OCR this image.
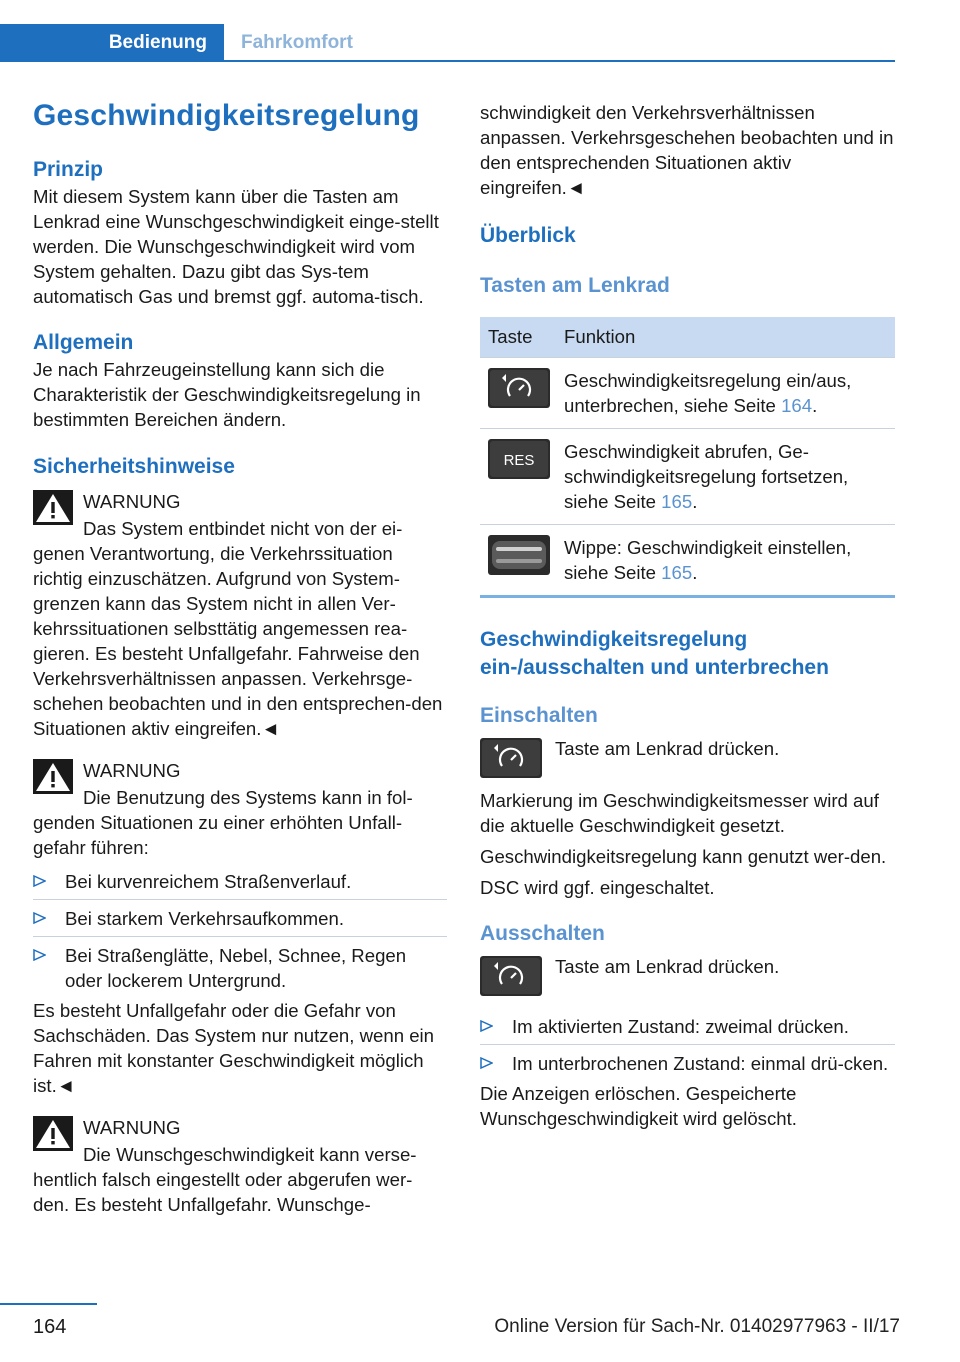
Bedienung	Fahrkomfort
Geschwindigkeitsregelung
Prinzip

Mit diesem System kann über die Tasten am Lenkrad eine Wunschgeschwindigkeit einge-stellt werden. Die Wunschgeschwindigkeit wird vom System gehalten. Dazu gibt das Sys-tem automatisch Gas und bremst ggf. automa-tisch.

Allgemein

Je nach Fahrzeugeinstellung kann sich die Charakteristik der Geschwindigkeitsregelung in bestimmten Bereichen ändern.

Sicherheitshinweise
WARNUNG

Das System entbindet nicht von der ei-genen Verantwortung, die Verkehrssituation richtig einzuschätzen. Aufgrund von System-grenzen kann das System nicht in allen Ver-kehrssituationen selbsttätig angemessen rea-gieren. Es besteht Unfallgefahr. Fahrweise den Verkehrsverhältnissen anpassen. Verkehrsge-schehen beobachten und in den entsprechen-den Situationen aktiv eingreifen.◄

WARNUNG

Die Benutzung des Systems kann in fol-genden Situationen zu einer erhöhten Unfall-gefahr führen:

Bei kurvenreichem Straßenverlauf.
Bei starkem Verkehrsaufkommen.
Bei Straßenglätte, Nebel, Schnee, Regen oder lockerem Untergrund.

Es besteht Unfallgefahr oder die Gefahr von Sachschäden. Das System nur nutzen, wenn ein Fahren mit konstanter Geschwindigkeit möglich ist.◄

WARNUNG

Die Wunschgeschwindigkeit kann verse-hentlich falsch eingestellt oder abgerufen wer-den. Es besteht Unfallgefahr. Wunschge-

schwindigkeit den Verkehrsverhältnissen anpassen. Verkehrsgeschehen beobachten und in den entsprechenden Situationen aktiv eingreifen.◄

Überblick
Tasten am Lenkrad
Taste	Funktion

	Geschwindigkeitsregelung ein/aus, unterbrechen, siehe Seite 164.

RES	Geschwindigkeit abrufen, Ge-schwindigkeitsregelung fortsetzen, siehe Seite 165.

	Wippe: Geschwindigkeit einstellen, siehe Seite 165.
Geschwindigkeitsregelung ein-/ausschalten und unterbrechen
Einschalten

Taste am Lenkrad drücken.

Markierung im Geschwindigkeitsmesser wird auf die aktuelle Geschwindigkeit gesetzt.

Geschwindigkeitsregelung kann genutzt wer-den.

DSC wird ggf. eingeschaltet.

Ausschalten

Taste am Lenkrad drücken.

Im aktivierten Zustand: zweimal drücken.
Im unterbrochenen Zustand: einmal drü-cken.

Die Anzeigen erlöschen. Gespeicherte Wunschgeschwindigkeit wird gelöscht.

164	Online Version für Sach-Nr. 01402977963 - II/17
